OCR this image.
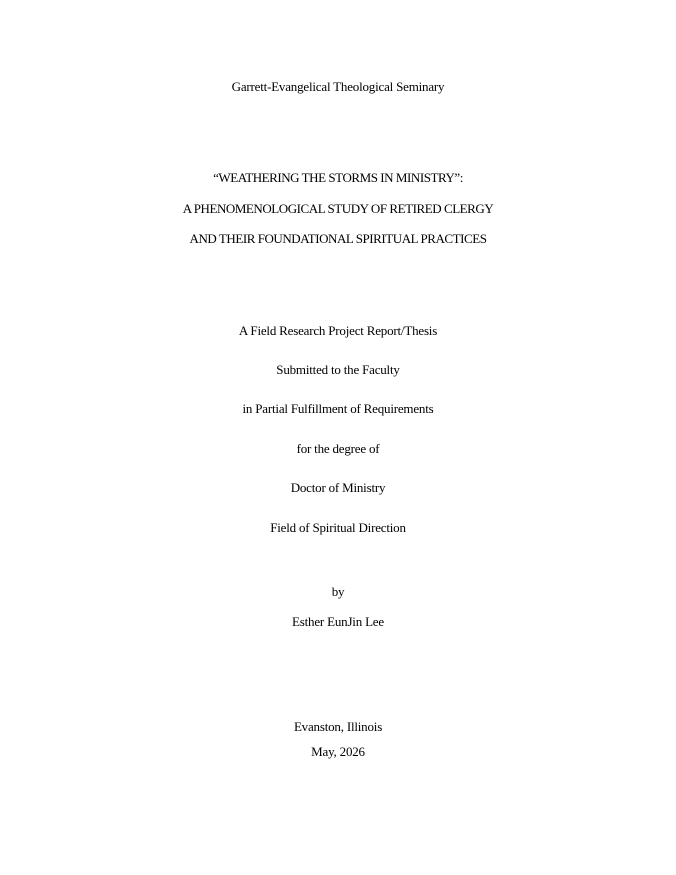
Garrett-Evangelical Theological Seminary
“WEATHERING THE STORMS IN MINISTRY”:
A PHENOMENOLOGICAL STUDY OF RETIRED CLERGY
AND THEIR FOUNDATIONAL SPIRITUAL PRACTICES
A Field Research Project Report/Thesis
Submitted to the Faculty
in Partial Fulfillment of Requirements
for the degree of
Doctor of Ministry
Field of Spiritual Direction
by
Esther EunJin Lee
Evanston, Illinois
May, 2026
